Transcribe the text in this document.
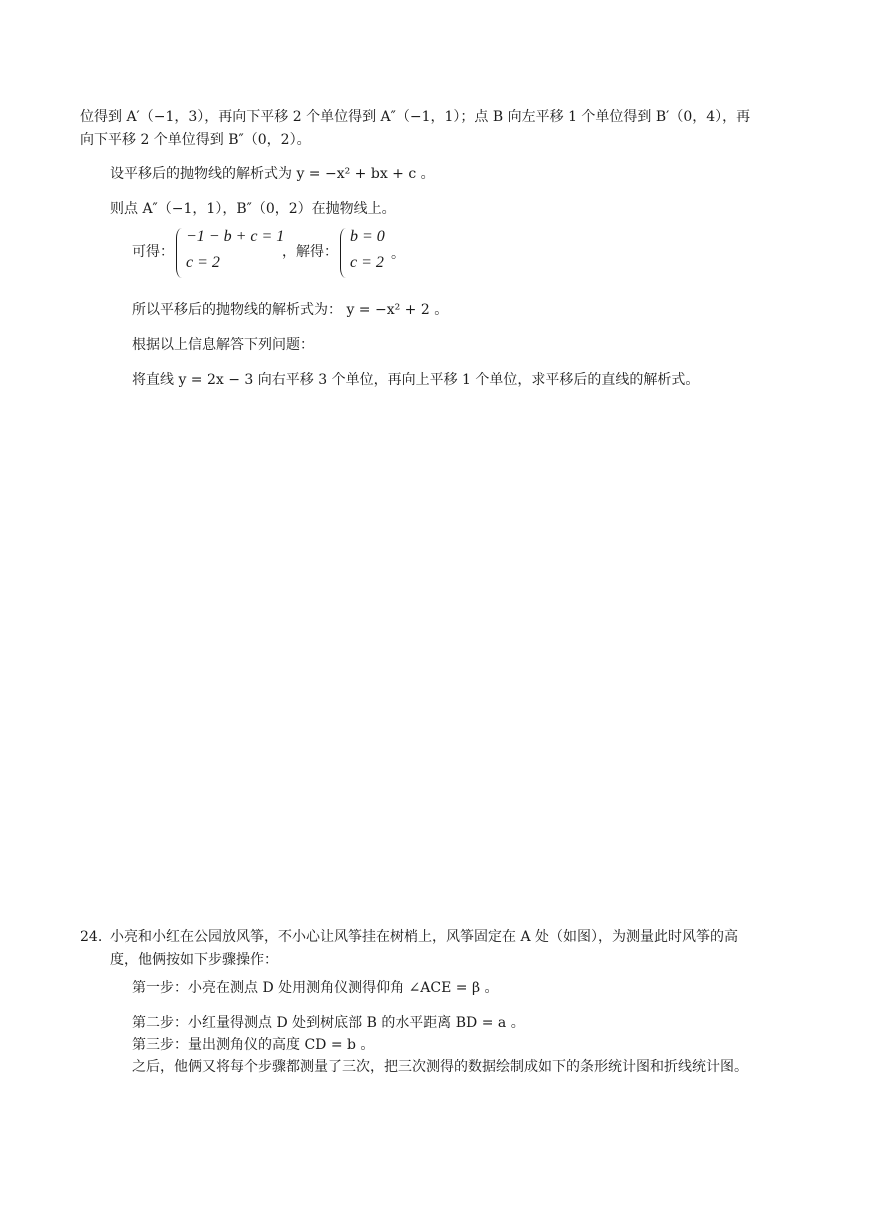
位得到 A′（−1，3），再向下平移 2 个单位得到 A″（−1，1）；点 B 向左平移 1 个单位得到 B′（0，4），再
向下平移 2 个单位得到 B″（0，2）。
设平移后的抛物线的解析式为 y = −x² + bx + c 。
则点 A″（−1，1），B″（0，2）在抛物线上。
可得：
−1 − b + c = 1
c = 2
，解得：
b = 0
c = 2 。
所以平移后的抛物线的解析式为： y = −x² + 2 。
根据以上信息解答下列问题：
将直线 y = 2x − 3 向右平移 3 个单位，再向上平移 1 个单位，求平移后的直线的解析式。
24. 小亮和小红在公园放风筝，不小心让风筝挂在树梢上，风筝固定在 A 处（如图），为测量此时风筝的高
度，他俩按如下步骤操作：
第一步：小亮在测点 D 处用测角仪测得仰角 ∠ACE = β 。
第二步：小红量得测点 D 处到树底部 B 的水平距离 BD = a 。
第三步：量出测角仪的高度 CD = b 。
之后，他俩又将每个步骤都测量了三次，把三次测得的数据绘制成如下的条形统计图和折线统计图。
